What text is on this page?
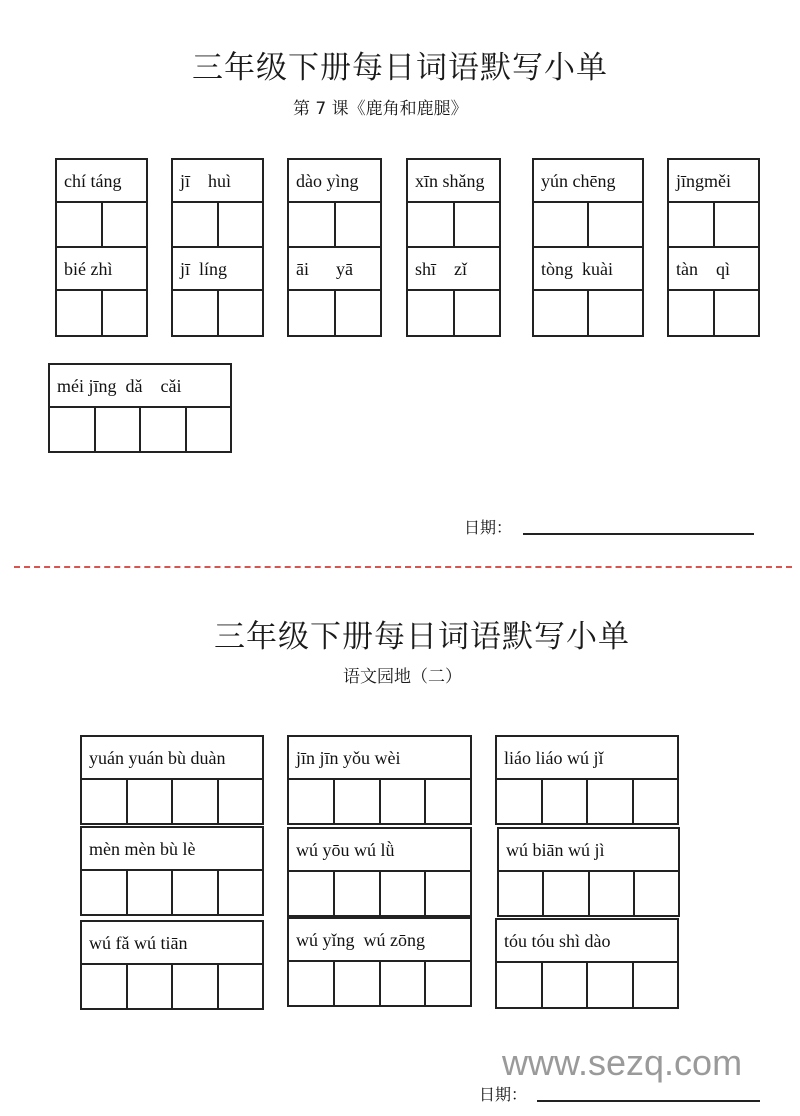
三年级下册每日词语默写小单
第 7 课《鹿角和鹿腿》
chí táng
bié zhì
jī    huì
jī  líng
dào yìng
āi      yā
xīn shǎng
shī    zǐ
yún chēng
tòng  kuài
jīngměi
tàn    qì
méi jīng  dǎ    cǎi
日期：
三年级下册每日词语默写小单
语文园地（二）
yuán yuán bù duàn
mèn mèn bù lè
wú fǎ wú tiān
jīn jīn yǒu wèi
wú yōu wú lǜ
wú yǐng  wú zōng
liáo liáo wú jǐ
wú biān wú jì
tóu tóu shì dào
www.sezq.com
日期：
